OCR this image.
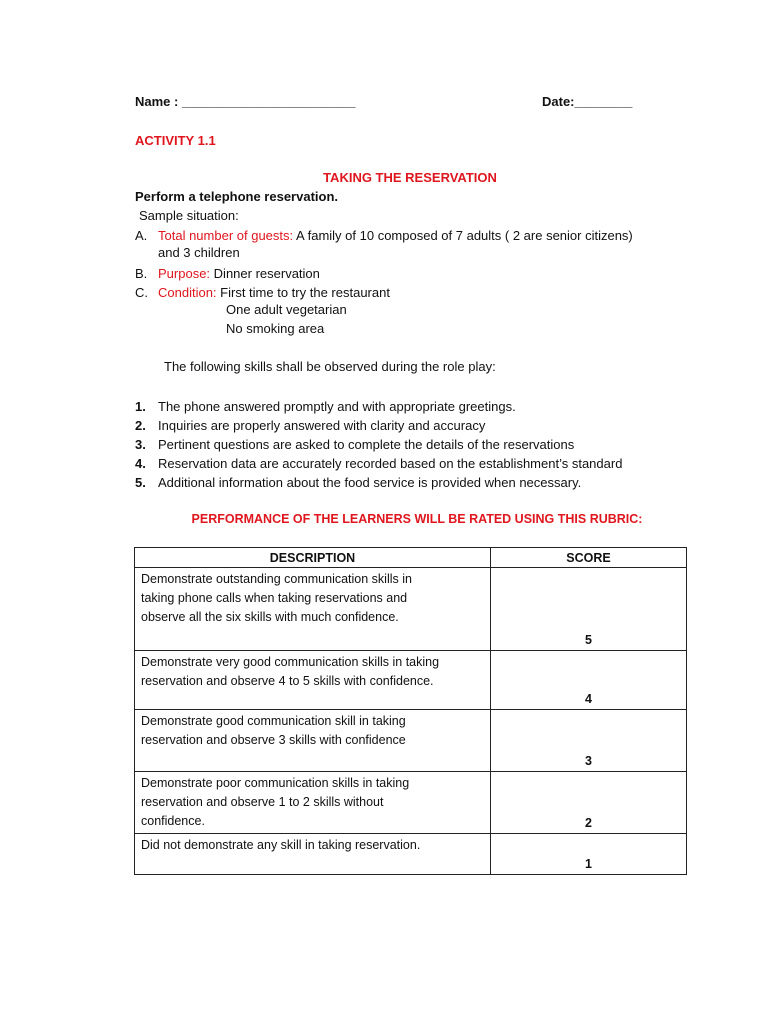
Name : ________________________	Date:________
ACTIVITY 1.1
TAKING THE RESERVATION
Perform a telephone reservation.
Sample situation:
A. Total number of guests: A family of 10 composed of 7 adults ( 2 are senior citizens)
and 3 children
B. Purpose: Dinner reservation
C. Condition: First time to try the restaurant
One adult vegetarian
No smoking area
The following skills shall be observed during the role play:
1. The phone answered promptly and with appropriate greetings.
2. Inquiries are properly answered with clarity and accuracy
3. Pertinent questions are asked to complete the details of the reservations
4. Reservation data are accurately recorded based on the establishment’s standard
5. Additional information about the food service is provided when necessary.
PERFORMANCE OF THE LEARNERS WILL BE RATED USING THIS RUBRIC:
DESCRIPTION	SCORE

Demonstrate outstanding communication skills in
taking phone calls when taking reservations and
observe all the six skills with much confidence.	5

Demonstrate very good communication skills in taking
reservation and observe 4 to 5 skills with confidence.	4

Demonstrate good communication skill in taking
reservation and observe 3 skills with confidence	3

Demonstrate poor communication skills in taking
reservation and observe 1 to 2 skills without
confidence.	2

Did not demonstrate any skill in taking reservation.	1
